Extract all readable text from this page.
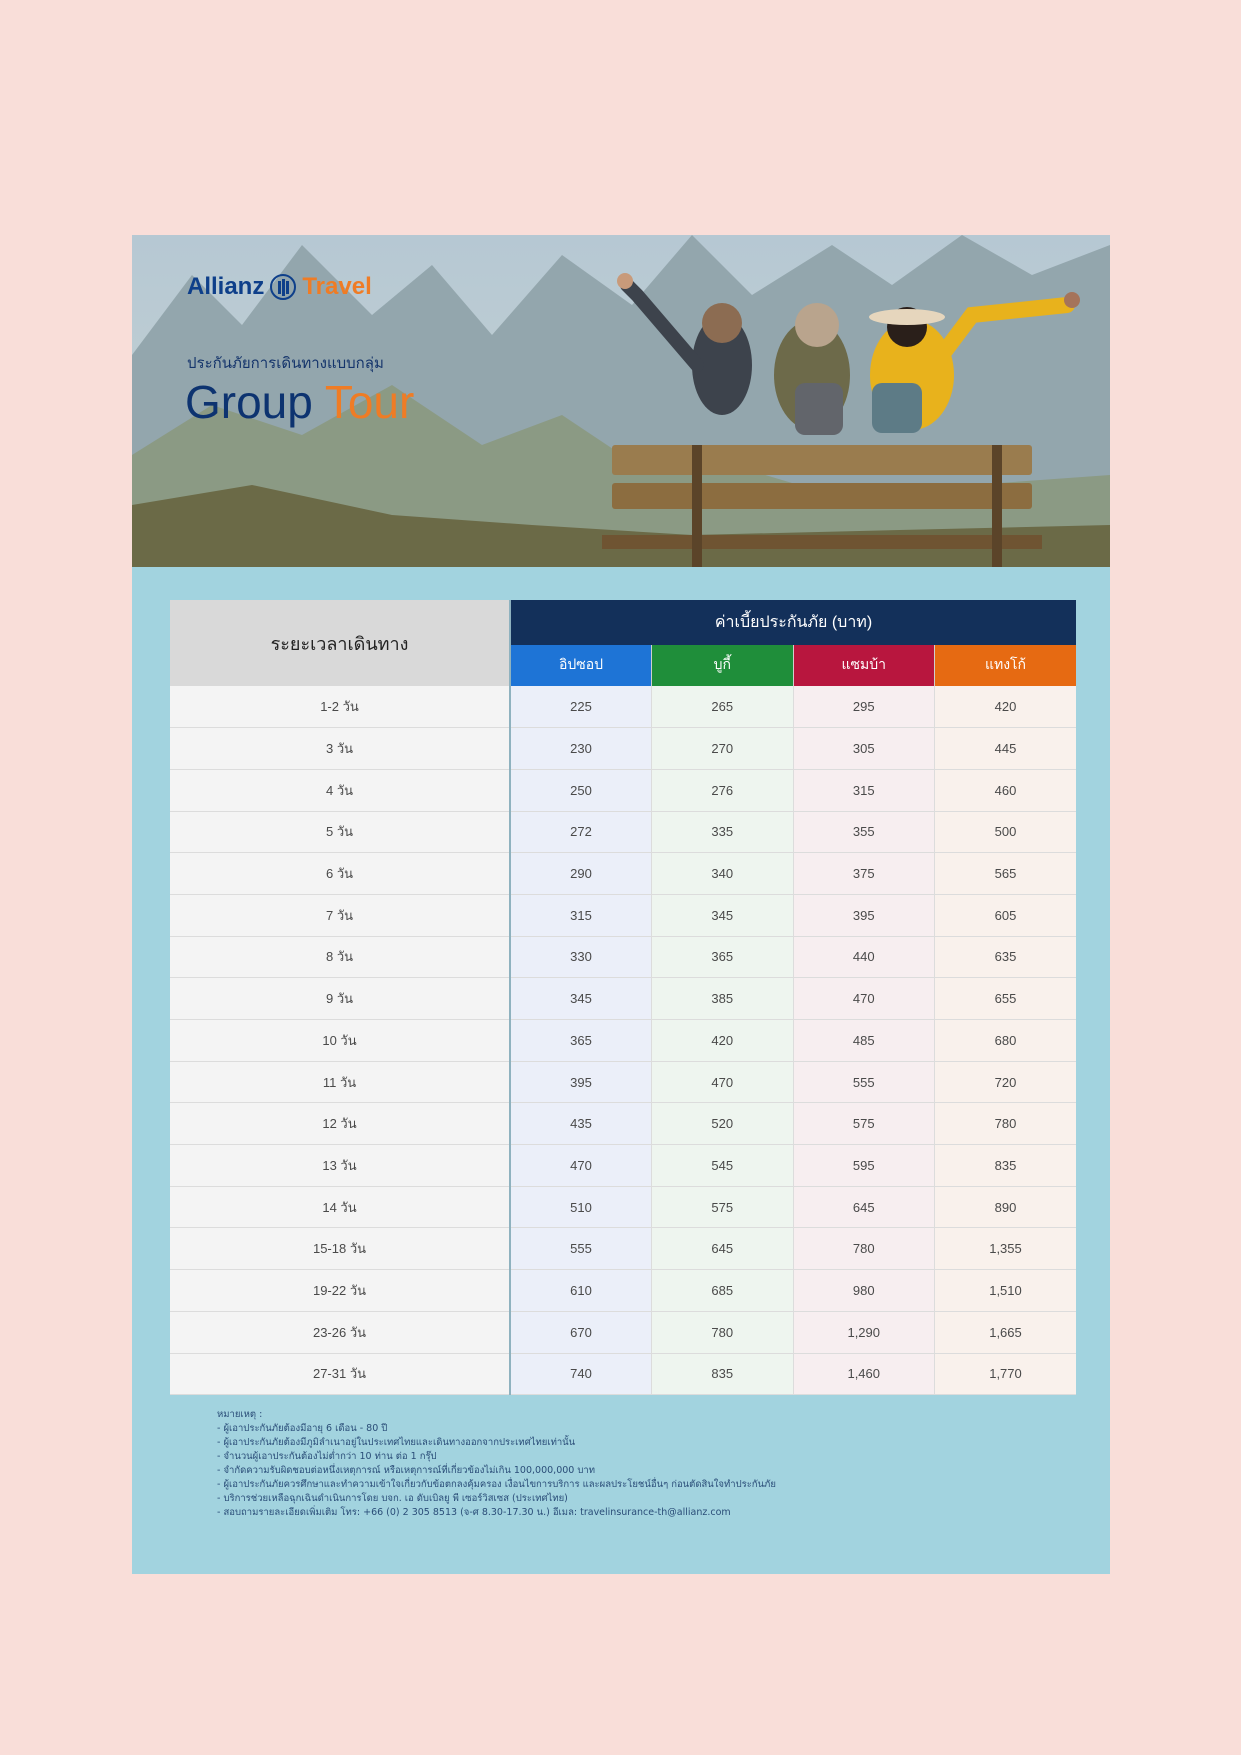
Allianz Travel
ประกันภัยการเดินทางแบบกลุ่ม
Group Tour
ระยะเวลาเดินทาง	ค่าเบี้ยประกันภัย (บาท)			
	อิปซอป	บูกี้	แซมบ้า	แทงโก้
1-2 วัน	225	265	295	420
3 วัน	230	270	305	445
4 วัน	250	276	315	460
5 วัน	272	335	355	500
6 วัน	290	340	375	565
7 วัน	315	345	395	605
8 วัน	330	365	440	635
9 วัน	345	385	470	655
10 วัน	365	420	485	680
11 วัน	395	470	555	720
12 วัน	435	520	575	780
13 วัน	470	545	595	835
14 วัน	510	575	645	890
15-18 วัน	555	645	780	1,355
19-22 วัน	610	685	980	1,510
23-26 วัน	670	780	1,290	1,665
27-31 วัน	740	835	1,460	1,770
หมายเหตุ :
- ผู้เอาประกันภัยต้องมีอายุ 6 เดือน - 80 ปี
- ผู้เอาประกันภัยต้องมีภูมิลำเนาอยู่ในประเทศไทยและเดินทางออกจากประเทศไทยเท่านั้น
- จำนวนผู้เอาประกันต้องไม่ต่ำกว่า 10 ท่าน ต่อ 1 กรุ๊ป
- จำกัดความรับผิดชอบต่อหนึ่งเหตุการณ์ หรือเหตุการณ์ที่เกี่ยวข้องไม่เกิน 100,000,000 บาท
- ผู้เอาประกันภัยควรศึกษาและทำความเข้าใจเกี่ยวกับข้อตกลงคุ้มครอง เงื่อนไขการบริการ และผลประโยชน์อื่นๆ ก่อนตัดสินใจทำประกันภัย
- บริการช่วยเหลือฉุกเฉินดำเนินการโดย บจก. เอ ดับเบิลยู พี เซอร์วิสเซส (ประเทศไทย)
- สอบถามรายละเอียดเพิ่มเติม โทร: +66 (0) 2 305 8513 (จ-ศ 8.30-17.30 น.) อีเมล: travelinsurance-th@allianz.com
